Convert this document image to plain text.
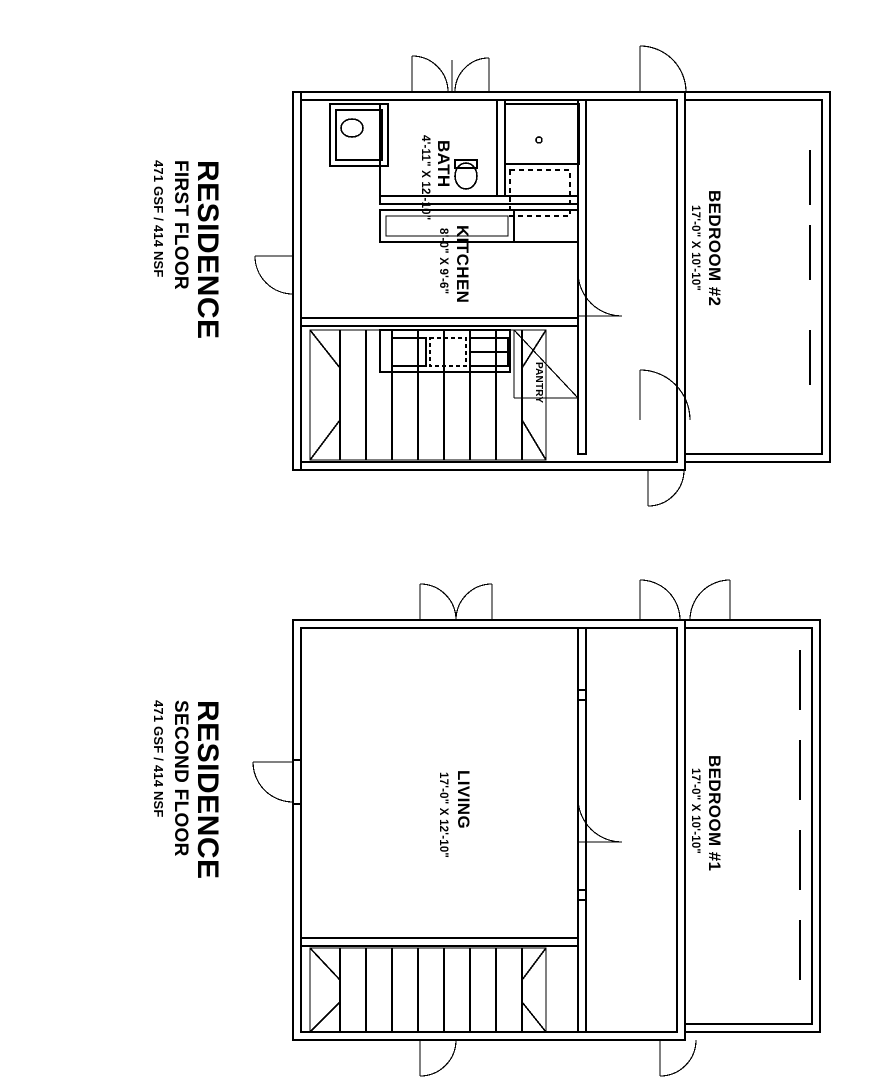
RESIDENCE
FIRST FLOOR
471 GSF / 414 NSF	BATH
4'-11" X 12'-10"
KITCHEN
8'-0" X 9'-6"	BEDROOM #2
17'-0" X 10'-10"
PANTRY
RESIDENCE
SECOND FLOOR
471 GSF / 414 NSF	LIVING
17'-0" X 12'-10"	BEDROOM #1
17'-0" X 10'-10"
